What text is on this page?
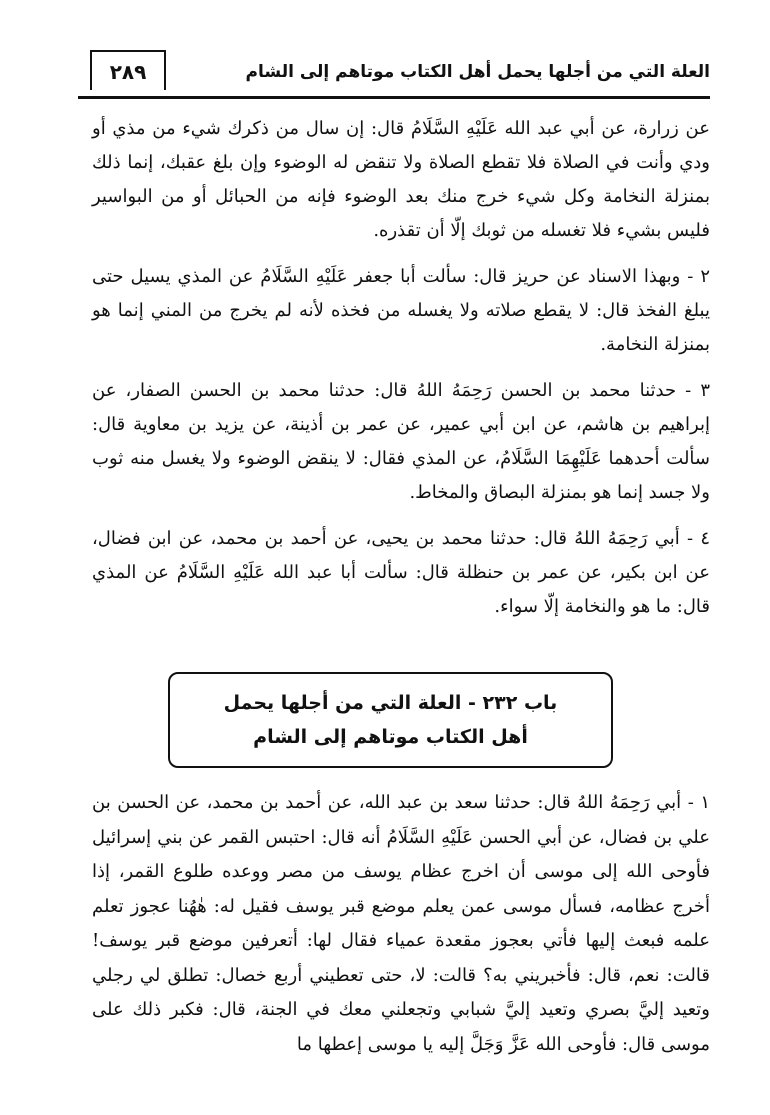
العلة التي من أجلها يحمل أهل الكتاب موتاهم إلى الشام
٢٨٩

عن زرارة، عن أبي عبد الله عَلَيْهِ السَّلَامُ قال: إن سال من ذكرك شيء من مذي أو ودي وأنت في الصلاة فلا تقطع الصلاة ولا تنقض له الوضوء وإن بلغ عقبك، إنما ذلك بمنزلة النخامة وكل شيء خرج منك بعد الوضوء فإنه من الحبائل أو من البواسير فليس بشيء فلا تغسله من ثوبك إلّا أن تقذره.

٢ - وبهذا الاسناد عن حريز قال: سألت أبا جعفر عَلَيْهِ السَّلَامُ عن المذي يسيل حتى يبلغ الفخذ قال: لا يقطع صلاته ولا يغسله من فخذه لأنه لم يخرج من المني إنما هو بمنزلة النخامة.

٣ - حدثنا محمد بن الحسن رَحِمَهُ اللهُ قال: حدثنا محمد بن الحسن الصفار، عن إبراهيم بن هاشم، عن ابن أبي عمير، عن عمر بن أذينة، عن يزيد بن معاوية قال: سألت أحدهما عَلَيْهِمَا السَّلَامُ، عن المذي فقال: لا ينقض الوضوء ولا يغسل منه ثوب ولا جسد إنما هو بمنزلة البصاق والمخاط.

٤ - أبي رَحِمَهُ اللهُ قال: حدثنا محمد بن يحيى، عن أحمد بن محمد، عن ابن فضال، عن ابن بكير، عن عمر بن حنظلة قال: سألت أبا عبد الله عَلَيْهِ السَّلَامُ عن المذي قال: ما هو والنخامة إلّا سواء.

باب ٢٣٢ - العلة التي من أجلها يحمل
أهل الكتاب موتاهم إلى الشام

١ - أبي رَحِمَهُ اللهُ قال: حدثنا سعد بن عبد الله، عن أحمد بن محمد، عن الحسن بن علي بن فضال، عن أبي الحسن عَلَيْهِ السَّلَامُ أنه قال: احتبس القمر عن بني إسرائيل فأوحى الله إلى موسى أن اخرج عظام يوسف من مصر ووعده طلوع القمر، إذا أخرج عظامه، فسأل موسى عمن يعلم موضع قبر يوسف فقيل له: هٰهُنا عجوز تعلم علمه فبعث إليها فأتي بعجوز مقعدة عمياء فقال لها: أتعرفين موضع قبر يوسف! قالت: نعم، قال: فأخبريني به؟ قالت: لا، حتى تعطيني أربع خصال: تطلق لي رجلي وتعيد إليَّ بصري وتعيد إليَّ شبابي وتجعلني معك في الجنة، قال: فكبر ذلك على موسى قال: فأوحى الله عَزَّ وَجَلَّ إليه يا موسى إعطها ما
